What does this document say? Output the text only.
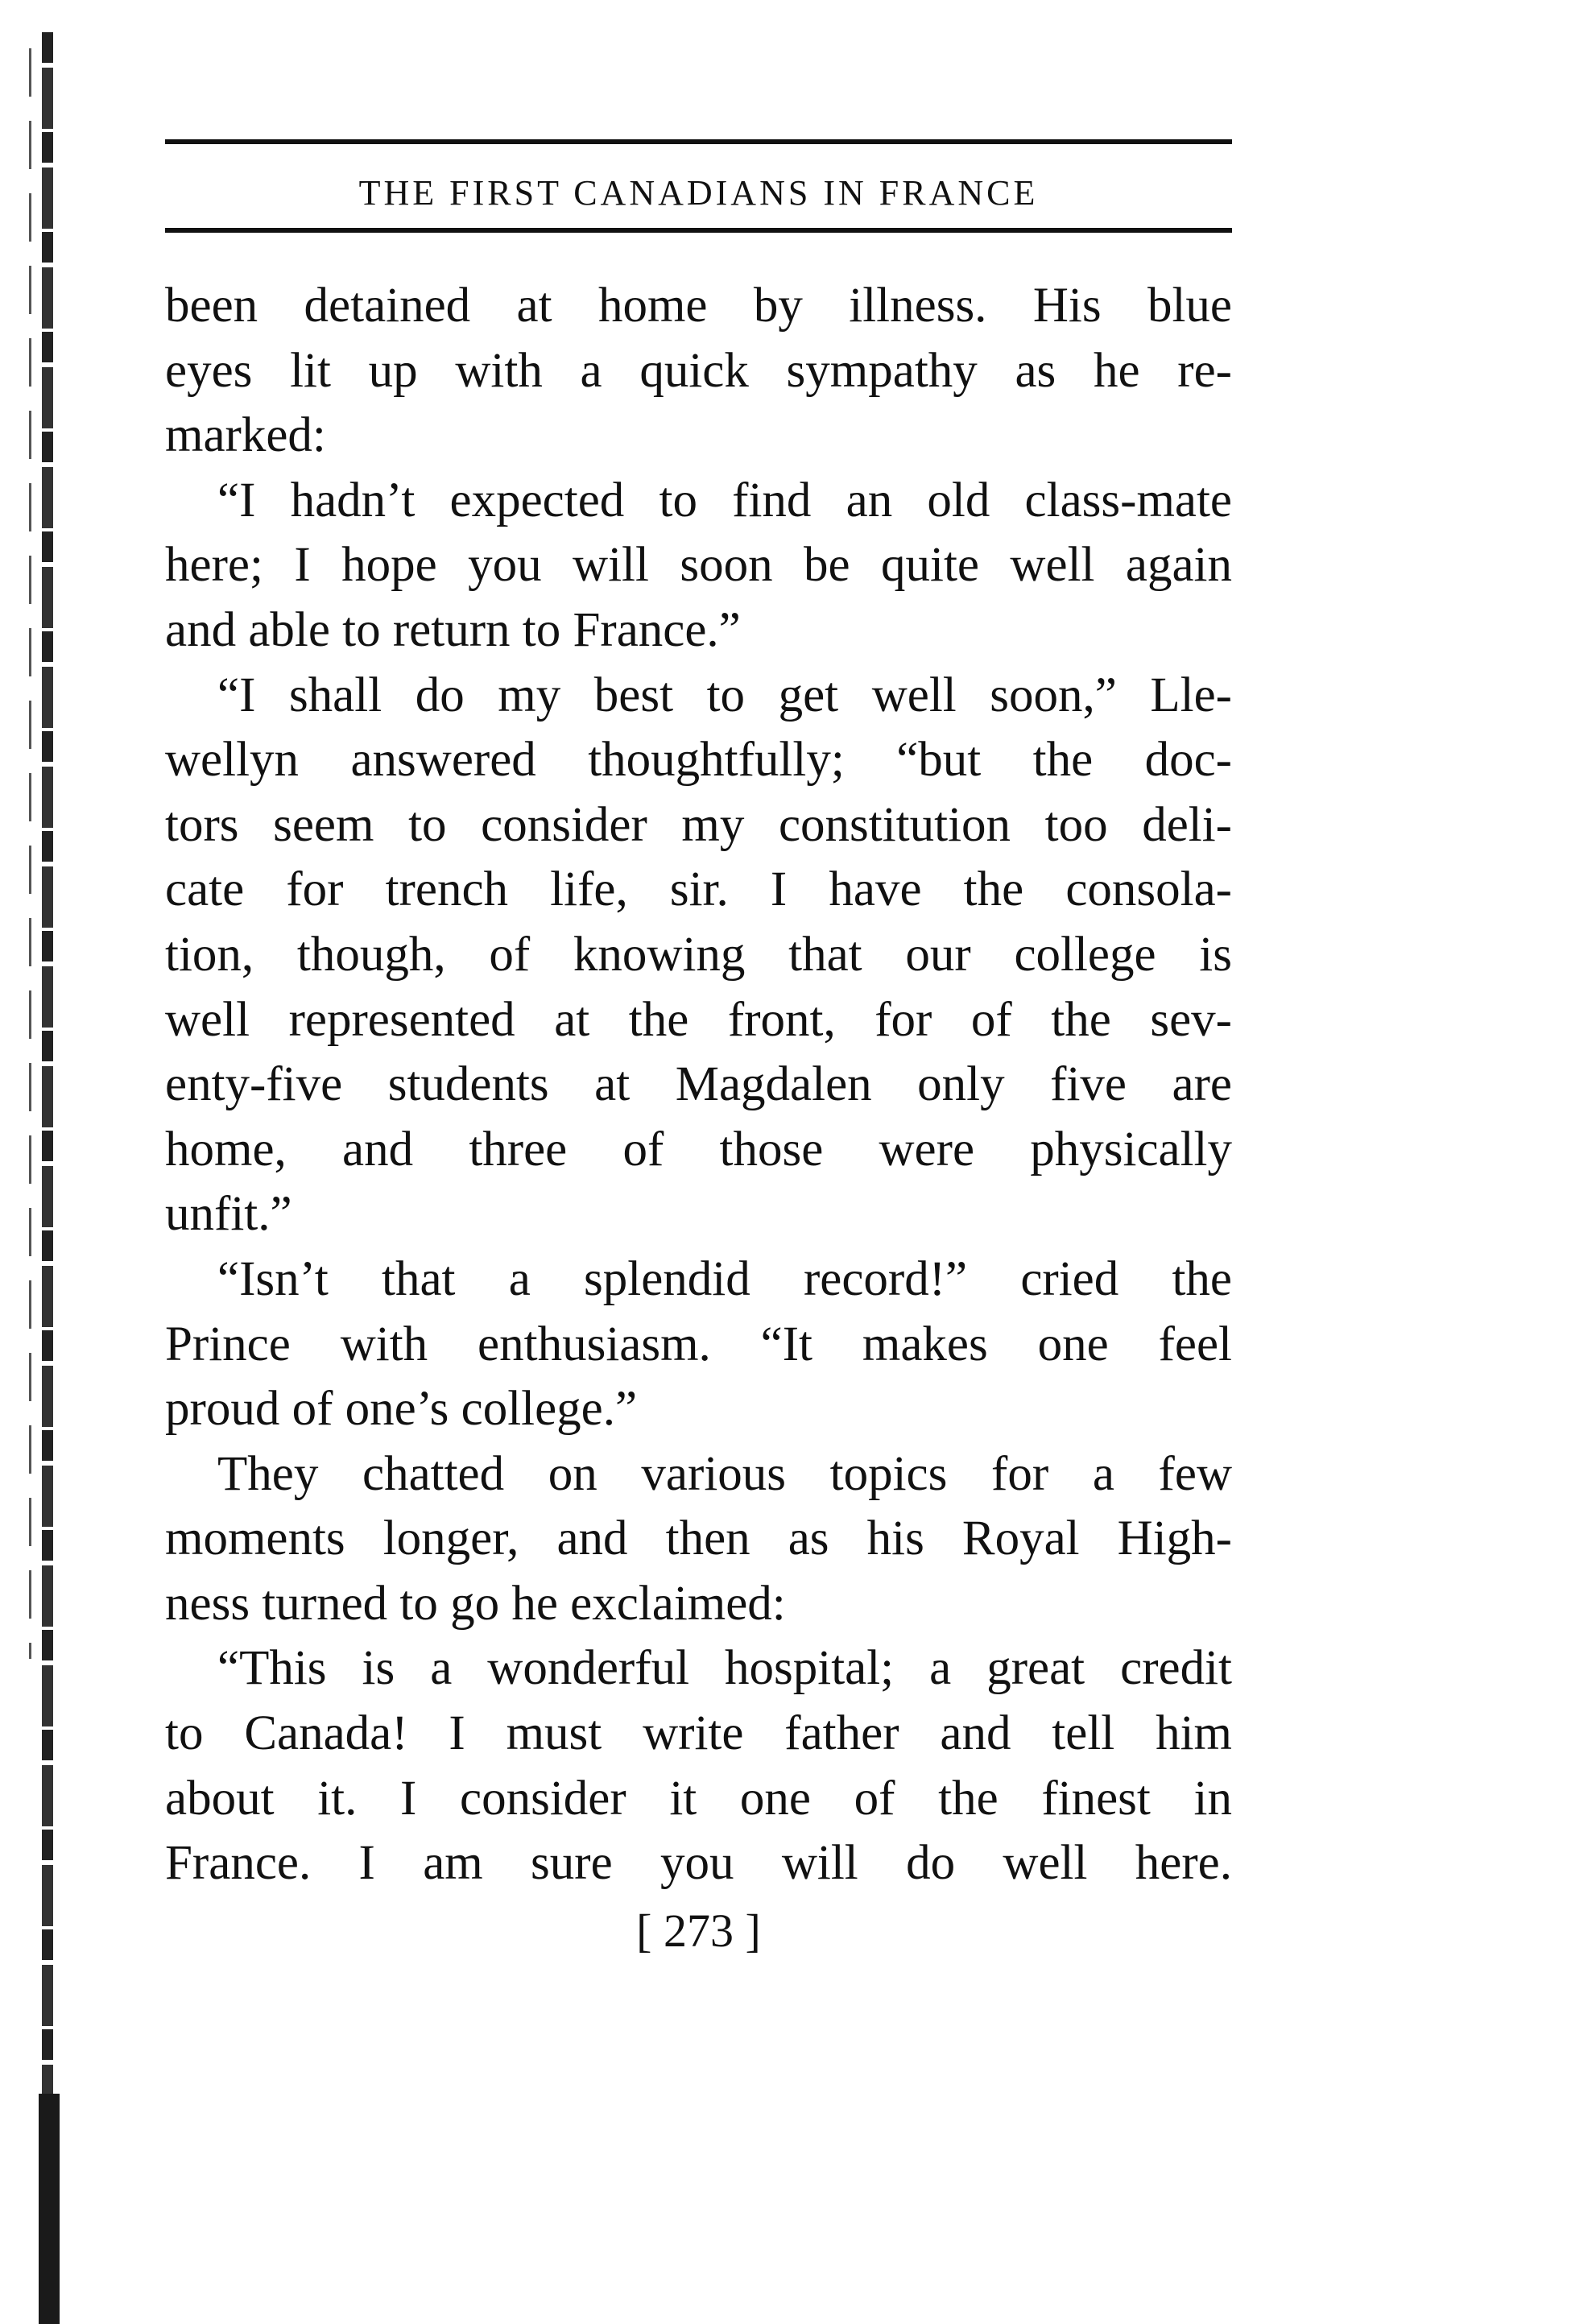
THE FIRST CANADIANS IN FRANCE
been detained at home by illness. His blue
eyes lit up with a quick sympathy as he re-
marked:
“I hadn’t expected to find an old class-mate
here; I hope you will soon be quite well again
and able to return to France.”
“I shall do my best to get well soon,” Lle-
wellyn answered thoughtfully; “but the doc-
tors seem to consider my constitution too deli-
cate for trench life, sir. I have the consola-
tion, though, of knowing that our college is
well represented at the front, for of the sev-
enty-five students at Magdalen only five are
home, and three of those were physically
unfit.”
“Isn’t that a splendid record!” cried the
Prince with enthusiasm. “It makes one feel
proud of one’s college.”
They chatted on various topics for a few
moments longer, and then as his Royal High-
ness turned to go he exclaimed:
“This is a wonderful hospital; a great credit
to Canada! I must write father and tell him
about it. I consider it one of the finest in
France. I am sure you will do well here.
[ 273 ]
